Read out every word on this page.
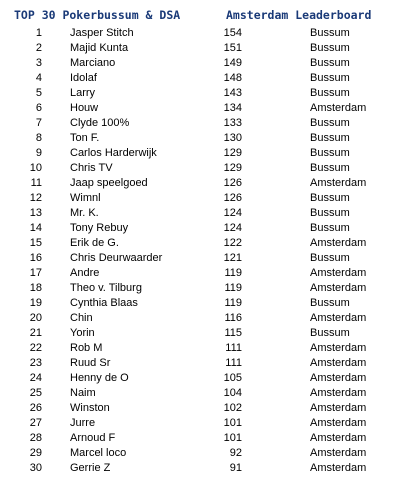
TOP 30 Pokerbussum & DSA	Amsterdam Leaderboard
1	Jasper Stitch	154	Bussum
2	Majid Kunta	151	Bussum
3	Marciano	149	Bussum
4	Idolaf	148	Bussum
5	Larry	143	Bussum
6	Houw	134	Amsterdam
7	Clyde 100%	133	Bussum
8	Ton F.	130	Bussum
9	Carlos Harderwijk	129	Bussum
10	Chris TV	129	Bussum
11	Jaap speelgoed	126	Amsterdam
12	Wimnl	126	Bussum
13	Mr. K.	124	Bussum
14	Tony Rebuy	124	Bussum
15	Erik de G.	122	Amsterdam
16	Chris Deurwaarder	121	Bussum
17	Andre	119	Amsterdam
18	Theo v. Tilburg	119	Amsterdam
19	Cynthia Blaas	119	Bussum
20	Chin	116	Amsterdam
21	Yorin	115	Bussum
22	Rob M	111	Amsterdam
23	Ruud Sr	111	Amsterdam
24	Henny de O	105	Amsterdam
25	Naim	104	Amsterdam
26	Winston	102	Amsterdam
27	Jurre	101	Amsterdam
28	Arnoud F	101	Amsterdam
29	Marcel loco	92	Amsterdam
30	Gerrie Z	91	Amsterdam
